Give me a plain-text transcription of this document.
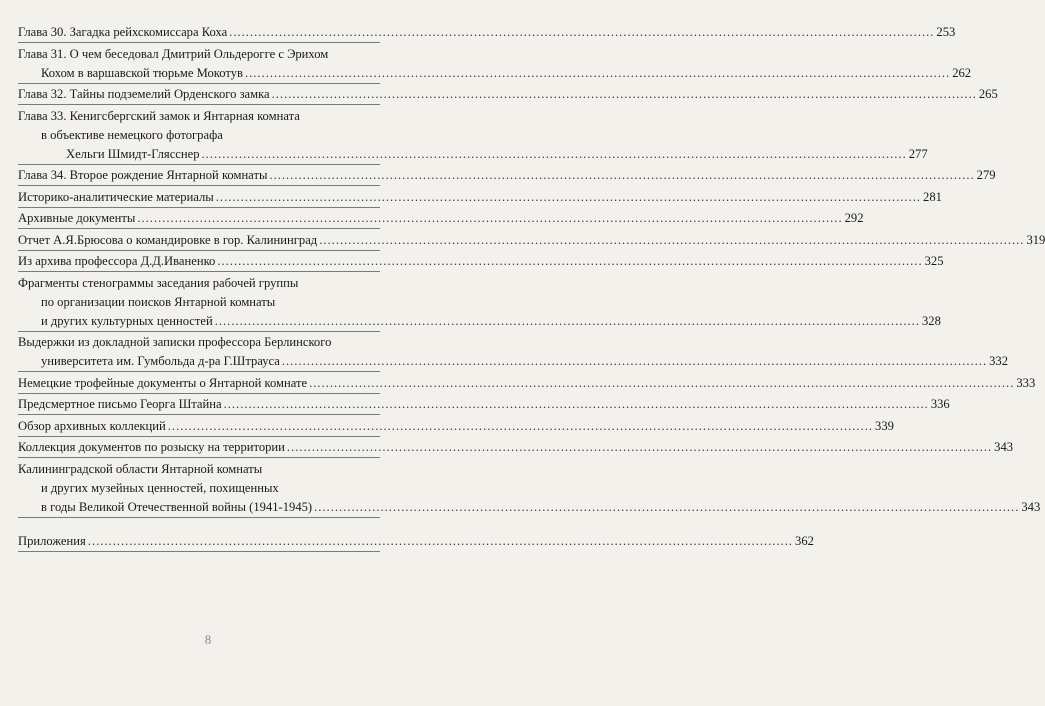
Глава 30. Загадка рейхскомиссара Коха .....	253
Глава 31. О чем беседовал Дмитрий Ольдерогге с Эрихом
Кохом в варшавской тюрьме Мокотув .....	262
Глава 32. Тайны подземелий Орденского замка .....	265
Глава 33. Кенигсбергский замок и Янтарная комната
в объективе немецкого фотографа
Хельги Шмидт-Глясснер .....	277
Глава 34. Второе рождение Янтарной комнаты .....	279
Историко-аналитические материалы .....	281
Архивные документы .....	292
Отчет А.Я.Брюсова о командировке в гор. Калининград .....	319
Из архива профессора Д.Д.Иваненко .....	325
Фрагменты стенограммы заседания рабочей группы
по организации поисков Янтарной комнаты
и других культурных ценностей .....	328
Выдержки из докладной записки профессора Берлинского
университета им. Гумбольда д-ра Г.Штрауса .....	332
Немецкие трофейные документы о Янтарной комнате .....	333
Предсмертное письмо Георга Штайна .....	336
Обзор архивных коллекций .....	339
Коллекция документов по розыску на территории .....	343
Калининградской области Янтарной комнаты
и других музейных ценностей, похищенных
в годы Великой Отечественной войны (1941-1945) .....	343
Приложения .....	362
8
